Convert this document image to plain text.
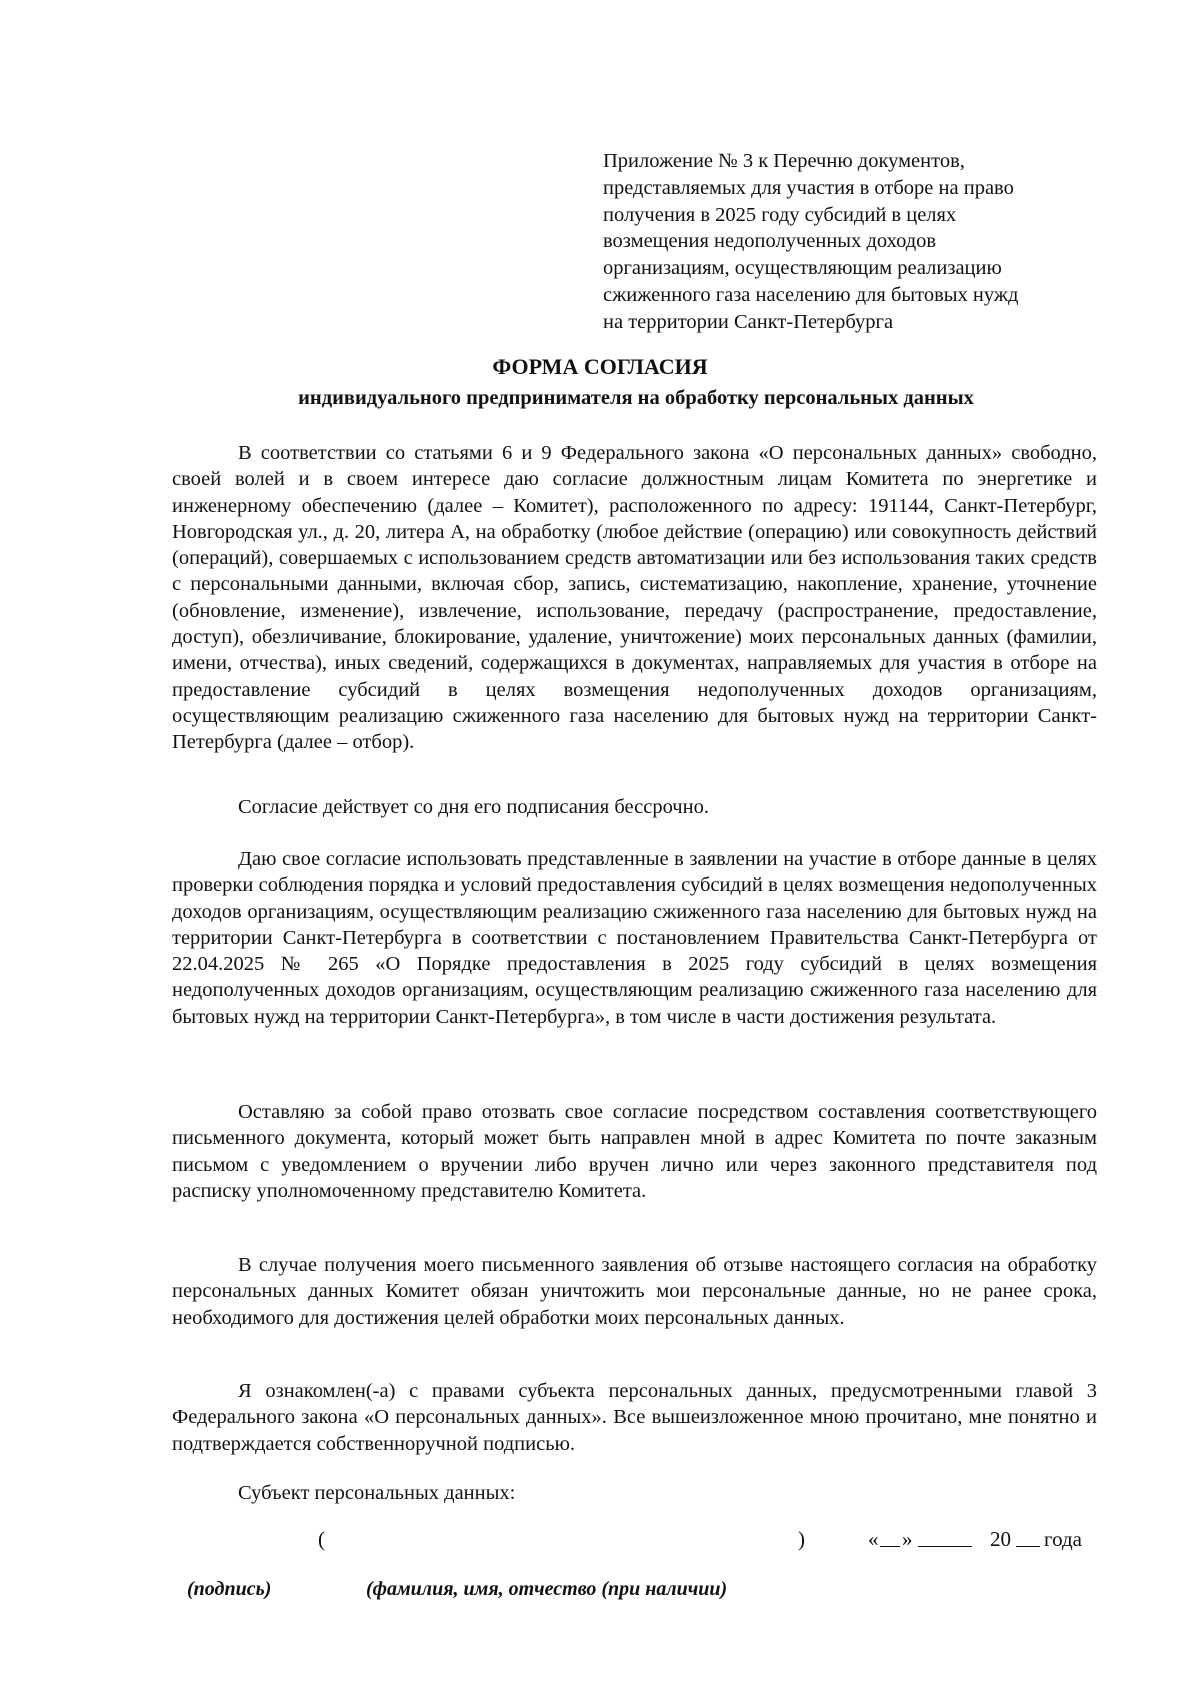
Приложение № 3 к Перечню документов,
представляемых для участия в отборе на право
получения в 2025 году субсидий в целях
возмещения недополученных доходов
организациям, осуществляющим реализацию
сжиженного газа населению для бытовых нужд
на территории Санкт-Петербурга
ФОРМА СОГЛАСИЯ
индивидуального предпринимателя на обработку персональных данных

В соответствии со статьями 6 и 9 Федерального закона «О персональных данных» свободно, своей волей и в своем интересе даю согласие должностным лицам Комитета по энергетике и инженерному обеспечению (далее – Комитет), расположенного по адресу: 191144, Санкт-Петербург, Новгородская ул., д. 20, литера А, на обработку (любое действие (операцию) или совокупность действий (операций), совершаемых с использованием средств автоматизации или без использования таких средств с персональными данными, включая сбор, запись, систематизацию, накопление, хранение, уточнение (обновление, изменение), извлечение, использование, передачу (распространение, предоставление, доступ), обезличивание, блокирование, удаление, уничтожение) моих персональных данных (фамилии, имени, отчества), иных сведений, содержащихся в документах, направляемых для участия в отборе на предоставление субсидий в целях возмещения недополученных доходов организациям, осуществляющим реализацию сжиженного газа населению для бытовых нужд на территории Санкт-Петербурга (далее – отбор).

Согласие действует со дня его подписания бессрочно.

Даю свое согласие использовать представленные в заявлении на участие в отборе данные в целях проверки соблюдения порядка и условий предоставления субсидий в целях возмещения недополученных доходов организациям, осуществляющим реализацию сжиженного газа населению для бытовых нужд на территории Санкт-Петербурга в соответствии с постановлением Правительства Санкт-Петербурга от 22.04.2025 № 265 «О Порядке предоставления в 2025 году субсидий в целях возмещения недополученных доходов организациям, осуществляющим реализацию сжиженного газа населению для бытовых нужд на территории Санкт-Петербурга», в том числе в части достижения результата.

Оставляю за собой право отозвать свое согласие посредством составления соответствующего письменного документа, который может быть направлен мной в адрес Комитета по почте заказным письмом с уведомлением о вручении либо вручен лично или через законного представителя под расписку уполномоченному представителю Комитета.

В случае получения моего письменного заявления об отзыве настоящего согласия на обработку персональных данных Комитет обязан уничтожить мои персональные данные, но не ранее срока, необходимого для достижения целей обработки моих персональных данных.

Я ознакомлен(-а) с правами субъекта персональных данных, предусмотренными главой 3 Федерального закона «О персональных данных». Все вышеизложенное мною прочитано, мне понятно и подтверждается собственноручной подписью.

Субъект персональных данных:
(	)	« »	20 года
(подпись)	(фамилия, имя, отчество (при наличии)
